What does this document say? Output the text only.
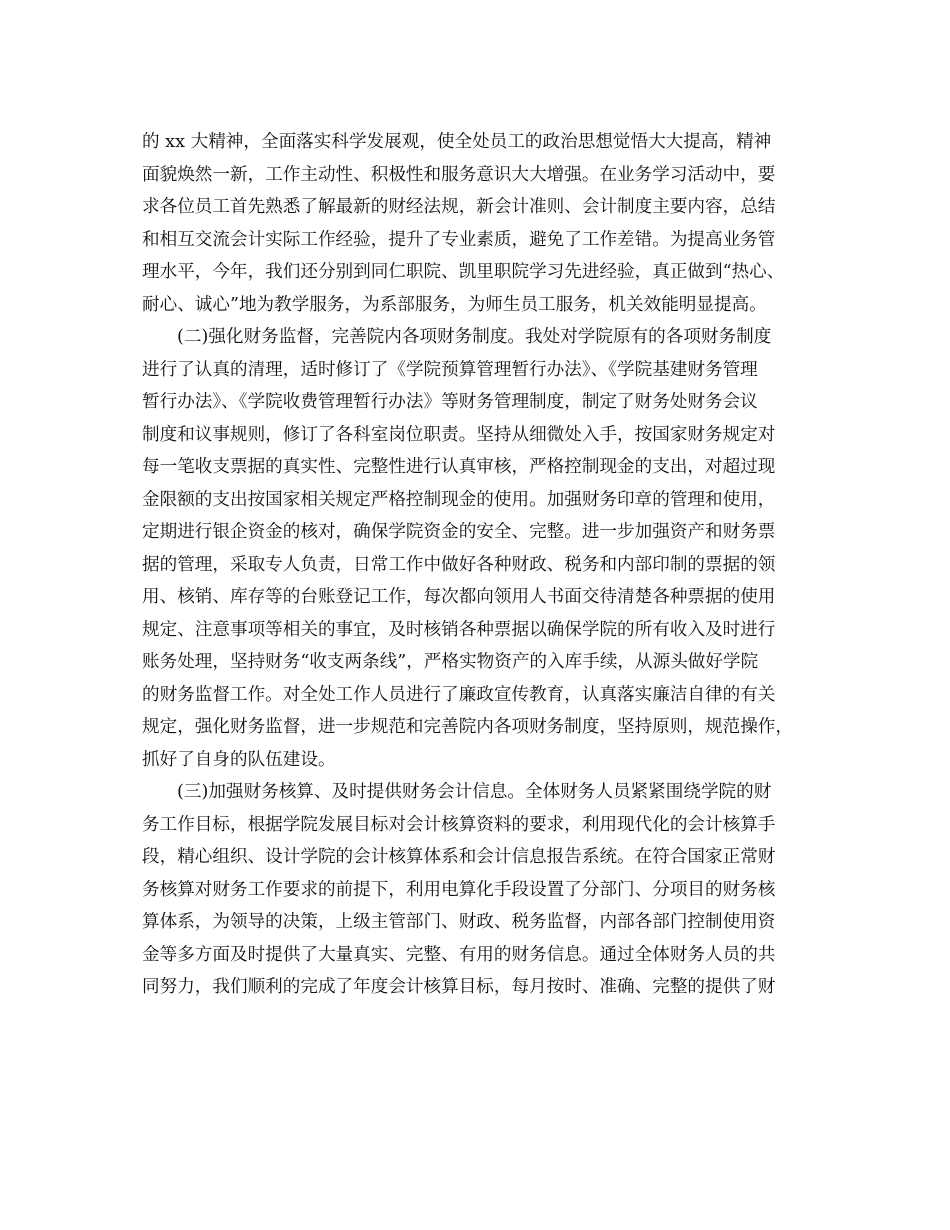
的 xx 大精神，全面落实科学发展观，使全处员工的政治思想觉悟大大提高，精神
面貌焕然一新，工作主动性、积极性和服务意识大大增强。在业务学习活动中，要
求各位员工首先熟悉了解最新的财经法规，新会计准则、会计制度主要内容，总结
和相互交流会计实际工作经验，提升了专业素质，避免了工作差错。为提高业务管
理水平，今年，我们还分别到同仁职院、凯里职院学习先进经验，真正做到“热心、
耐心、诚心”地为教学服务，为系部服务，为师生员工服务，机关效能明显提高。
(二)强化财务监督，完善院内各项财务制度。我处对学院原有的各项财务制度
进行了认真的清理，适时修订了《学院预算管理暂行办法》、《学院基建财务管理
暂行办法》、《学院收费管理暂行办法》等财务管理制度，制定了财务处财务会议
制度和议事规则，修订了各科室岗位职责。坚持从细微处入手，按国家财务规定对
每一笔收支票据的真实性、完整性进行认真审核，严格控制现金的支出，对超过现
金限额的支出按国家相关规定严格控制现金的使用。加强财务印章的管理和使用，
定期进行银企资金的核对，确保学院资金的安全、完整。进一步加强资产和财务票
据的管理，采取专人负责，日常工作中做好各种财政、税务和内部印制的票据的领
用、核销、库存等的台账登记工作，每次都向领用人书面交待清楚各种票据的使用
规定、注意事项等相关的事宜，及时核销各种票据以确保学院的所有收入及时进行
账务处理，坚持财务“收支两条线”，严格实物资产的入库手续，从源头做好学院
的财务监督工作。对全处工作人员进行了廉政宣传教育，认真落实廉洁自律的有关
规定，强化财务监督，进一步规范和完善院内各项财务制度，坚持原则，规范操作，
抓好了自身的队伍建设。
(三)加强财务核算、及时提供财务会计信息。全体财务人员紧紧围绕学院的财
务工作目标，根据学院发展目标对会计核算资料的要求，利用现代化的会计核算手
段，精心组织、设计学院的会计核算体系和会计信息报告系统。在符合国家正常财
务核算对财务工作要求的前提下，利用电算化手段设置了分部门、分项目的财务核
算体系，为领导的决策，上级主管部门、财政、税务监督，内部各部门控制使用资
金等多方面及时提供了大量真实、完整、有用的财务信息。通过全体财务人员的共
同努力，我们顺利的完成了年度会计核算目标，每月按时、准确、完整的提供了财
